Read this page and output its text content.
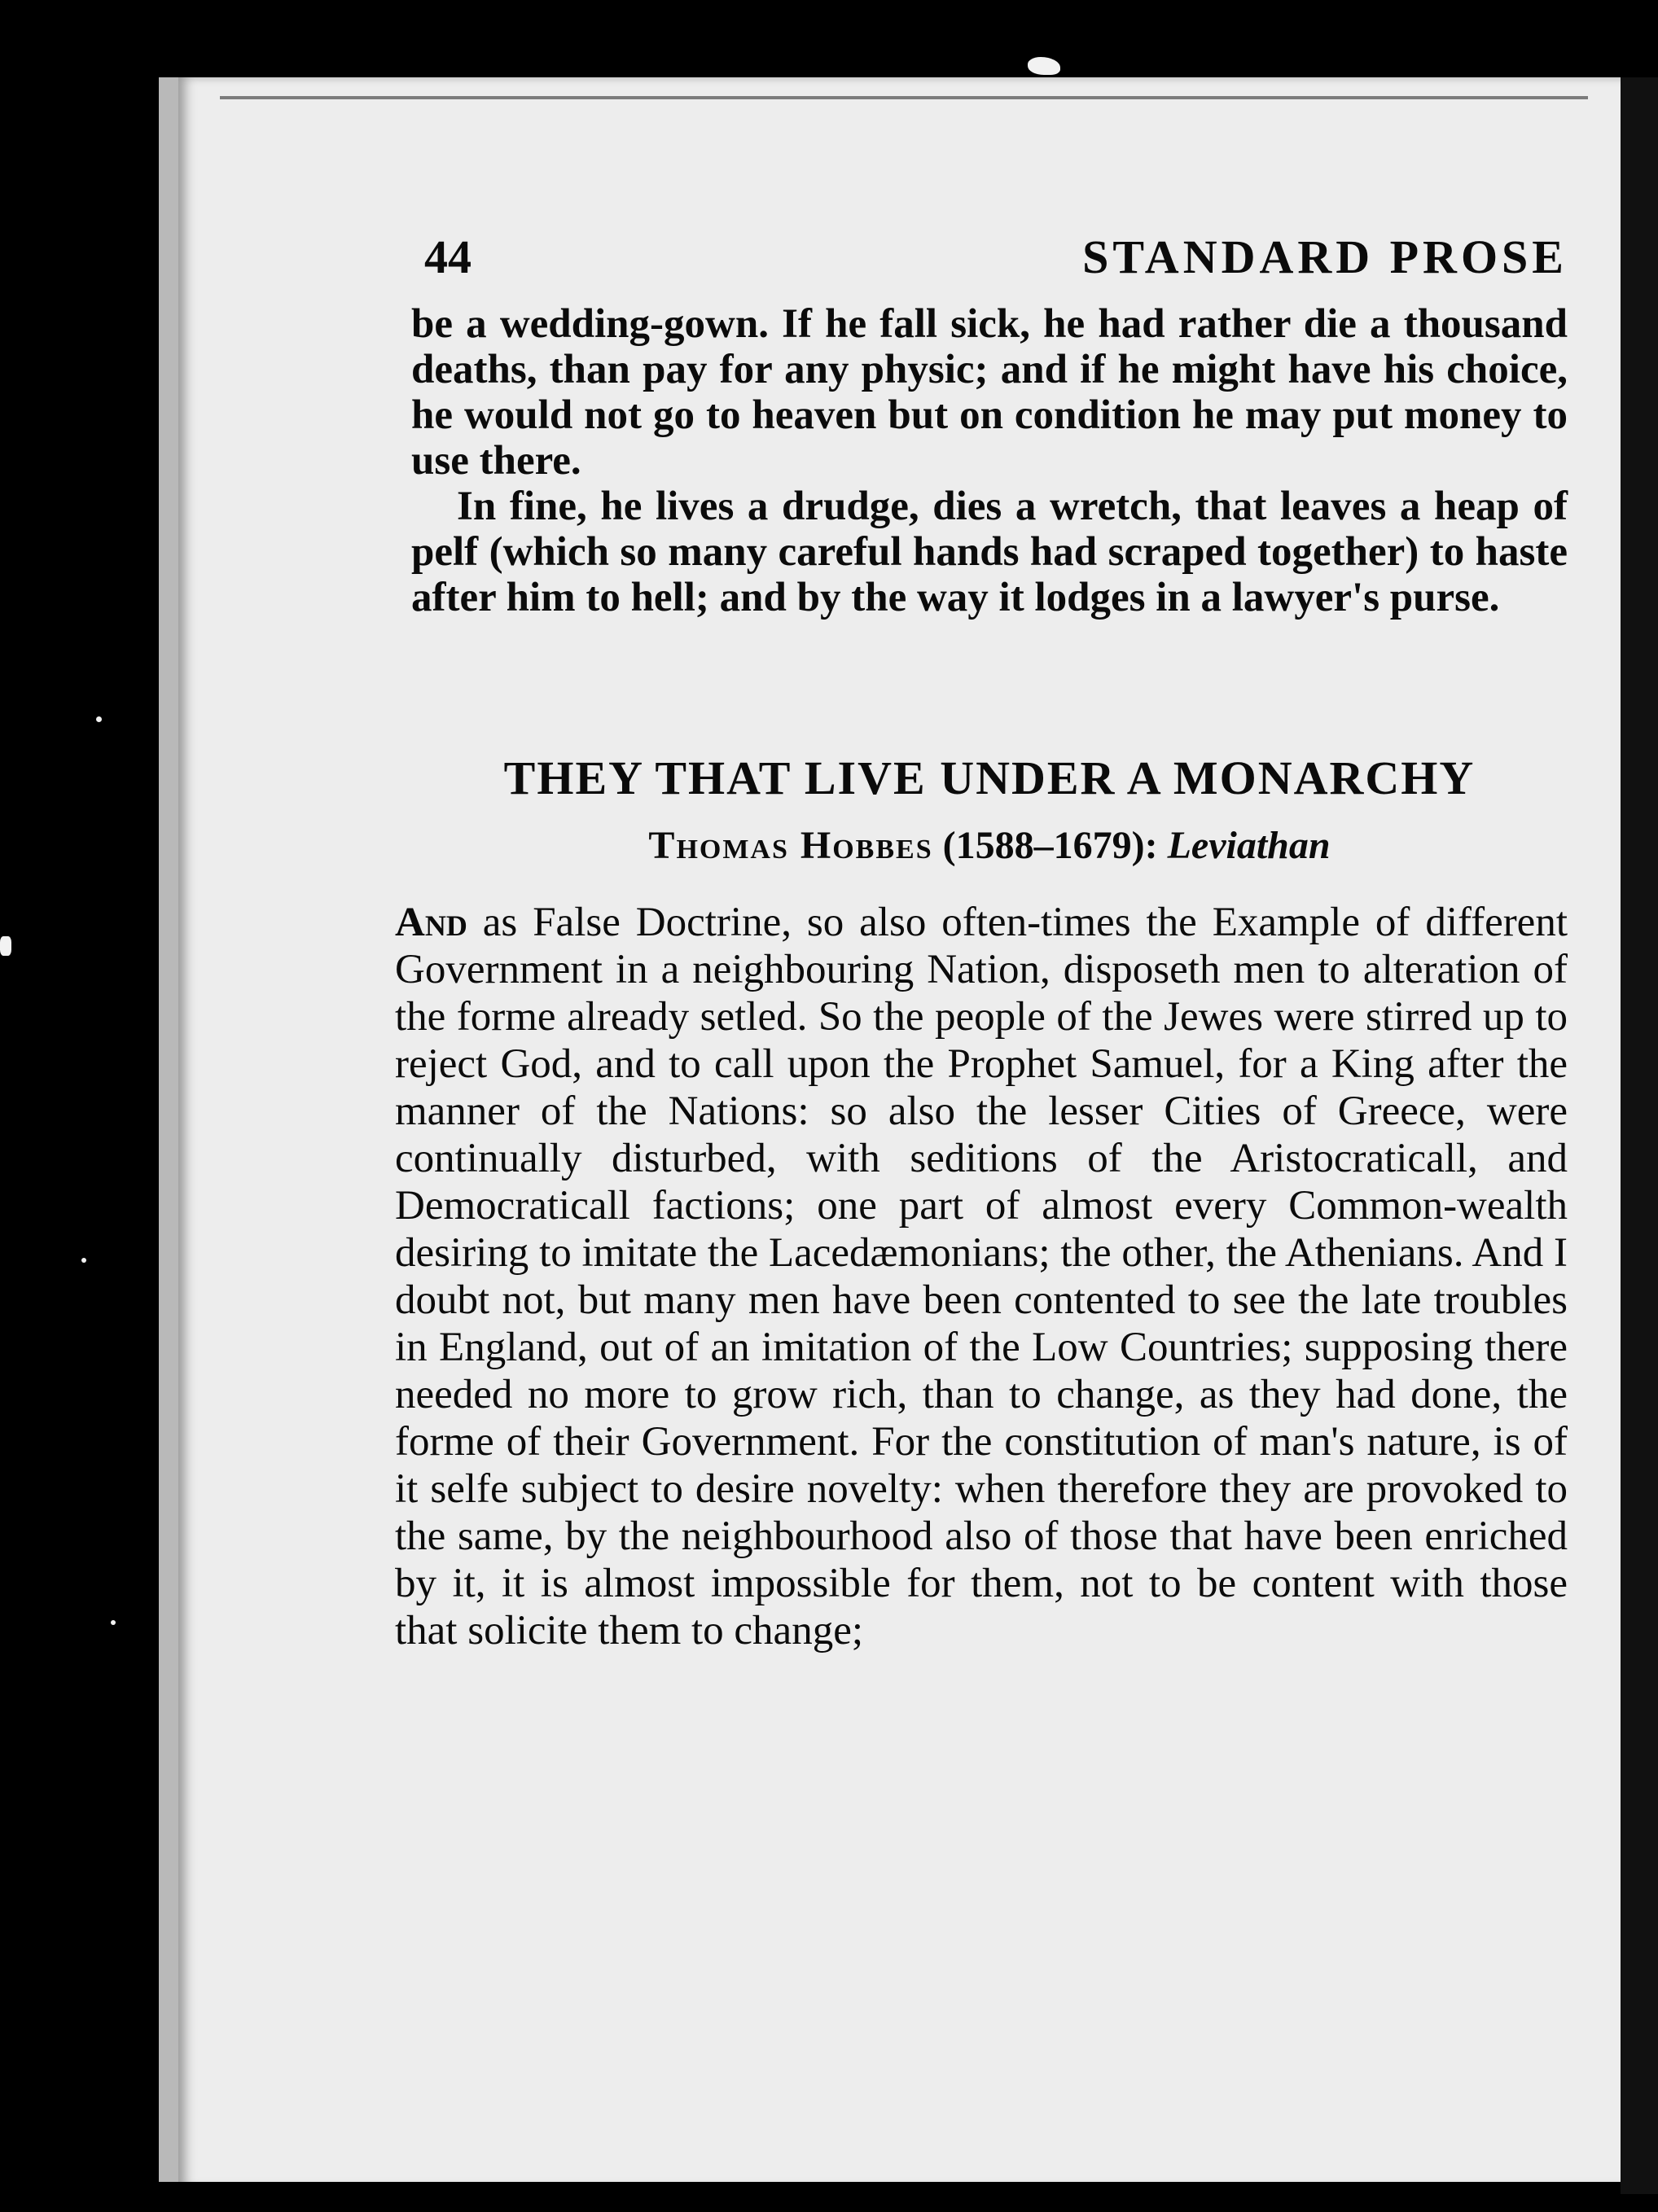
44	STANDARD PROSE

be a wedding-gown. If he fall sick, he had rather die a thousand deaths, than pay for any physic; and if he might have his choice, he would not go to heaven but on condition he may put money to use there.

In fine, he lives a drudge, dies a wretch, that leaves a heap of pelf (which so many careful hands had scraped together) to haste after him to hell; and by the way it lodges in a lawyer's purse.

THEY THAT LIVE UNDER A MONARCHY
Thomas Hobbes (1588–1679): Leviathan

And as False Doctrine, so also often-times the Example of different Government in a neighbouring Nation, disposeth men to alteration of the forme already setled. So the people of the Jewes were stirred up to reject God, and to call upon the Prophet Samuel, for a King after the manner of the Nations: so also the lesser Cities of Greece, were continually disturbed, with seditions of the Aristocraticall, and Democraticall factions; one part of almost every Common-wealth desiring to imitate the Lacedæmonians; the other, the Athenians. And I doubt not, but many men have been contented to see the late troubles in England, out of an imitation of the Low Countries; supposing there needed no more to grow rich, than to change, as they had done, the forme of their Government. For the constitution of man's nature, is of it selfe subject to desire novelty: when therefore they are provoked to the same, by the neighbourhood also of those that have been enriched by it, it is almost impossible for them, not to be content with those that solicite them to change;
